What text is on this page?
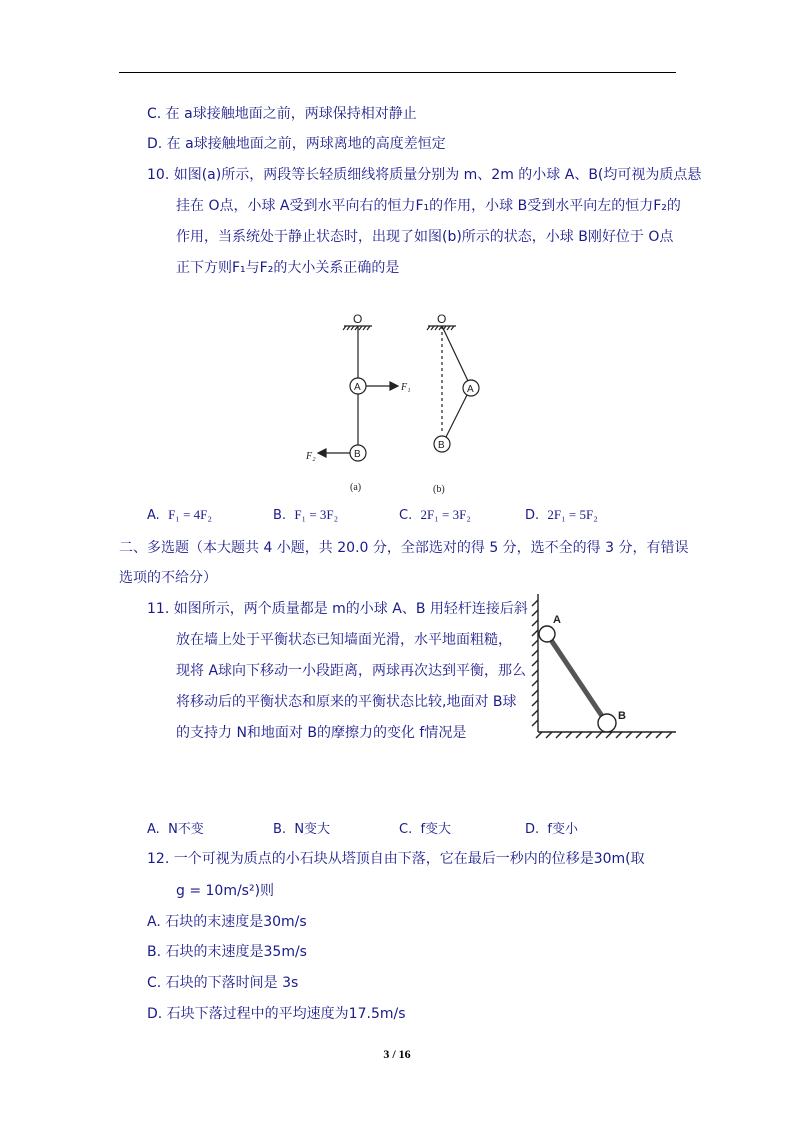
C. 在 a球接触地面之前，两球保持相对静止
D. 在 a球接触地面之前，两球离地的高度差恒定
10. 如图(a)所示，两段等长轻质细线将质量分别为 m、2m 的小球 A、B(均可视为质点悬
挂在 O点，小球 A受到水平向右的恒力F₁的作用，小球 B受到水平向左的恒力F₂的
作用，当系统处于静止状态时，出现了如图(b)所示的状态，小球 B刚好位于 O点
正下方则F₁与F₂的大小关系正确的是
O
A
B
F₁
F₂
(a)
O
A
B
(b)
A. F₁ = 4F₂	B. F₁ = 3F₂	C. 2F₁ = 3F₂	D. 2F₁ = 5F₂
二、多选题（本大题共 4 小题，共 20.0 分，全部选对的得 5 分，选不全的得 3 分，有错误
选项的不给分）
11. 如图所示，两个质量都是 m的小球 A、B 用轻杆连接后斜
放在墙上处于平衡状态已知墙面光滑，水平地面粗糙，
现将 A球向下移动一小段距离，两球再次达到平衡，那么
将移动后的平衡状态和原来的平衡状态比较,地面对 B球
的支持力 N和地面对 B的摩擦力的变化 f情况是
A
B
A. N不变	B. N变大	C. f变大	D. f变小
12. 一个可视为质点的小石块从塔顶自由下落，它在最后一秒内的位移是30m(取
g = 10m/s²)则
A. 石块的末速度是30m/s
B. 石块的末速度是35m/s
C. 石块的下落时间是 3s
D. 石块下落过程中的平均速度为17.5m/s
3 / 16
